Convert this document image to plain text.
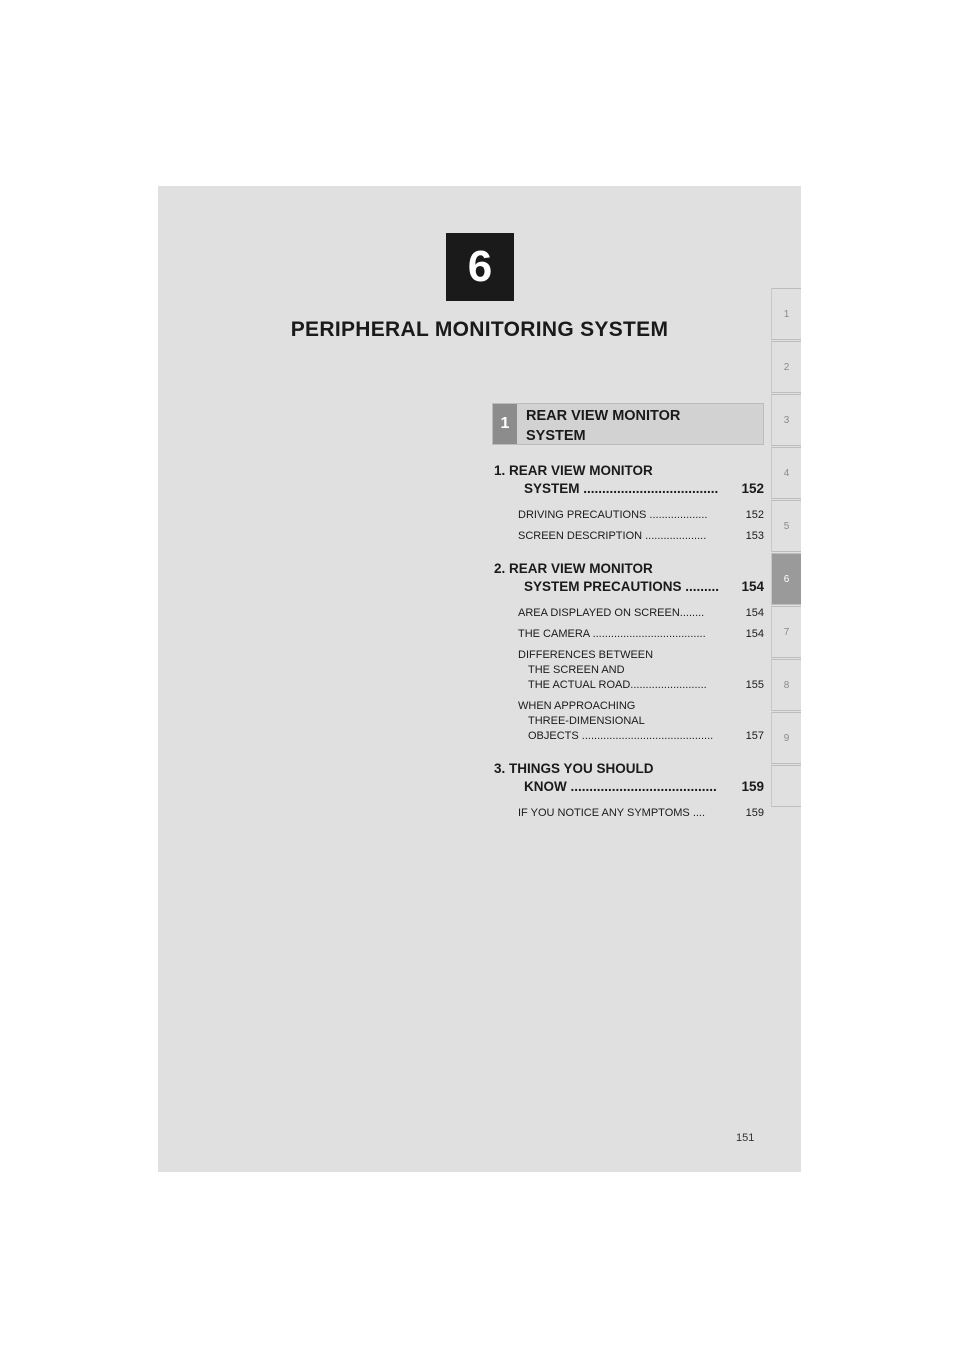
6
PERIPHERAL MONITORING SYSTEM
1
2
3
4
5
6
7
8
9
1	REAR VIEW MONITOR
SYSTEM
1. REAR VIEW MONITOR
152
SYSTEM ....................................
152
DRIVING PRECAUTIONS ...................
153
SCREEN DESCRIPTION ....................
2. REAR VIEW MONITOR
154
SYSTEM PRECAUTIONS .........
154
AREA DISPLAYED ON SCREEN........
154
THE CAMERA .....................................
DIFFERENCES BETWEEN
THE SCREEN AND
155
THE ACTUAL ROAD.........................
WHEN APPROACHING
THREE-DIMENSIONAL
157
OBJECTS ...........................................
3. THINGS YOU SHOULD
159
KNOW .......................................
159
IF YOU NOTICE ANY SYMPTOMS ....
151
